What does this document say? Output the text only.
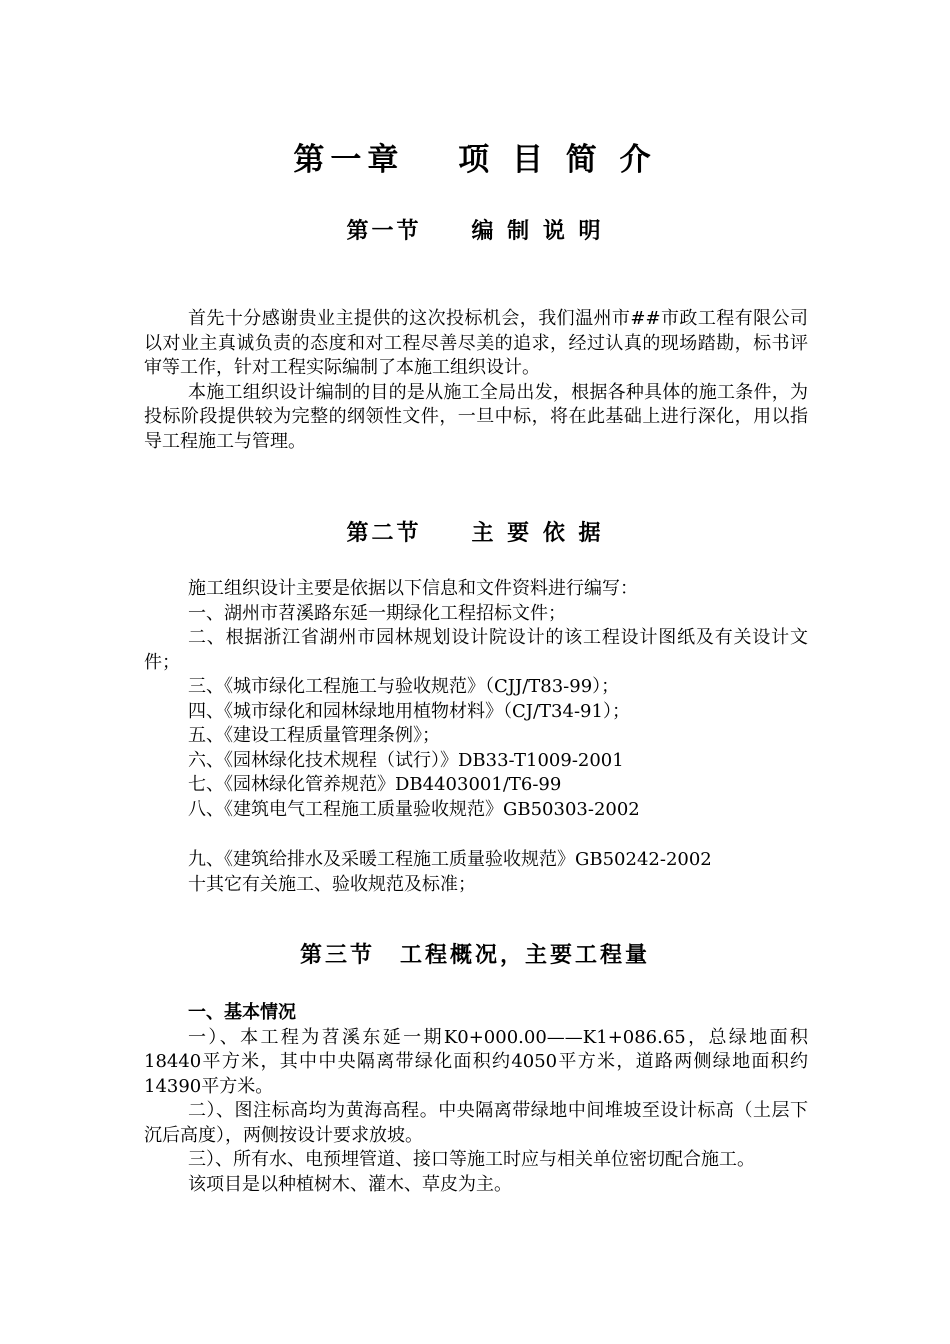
第一章　 项 目 简 介
第一节　　编 制 说 明

首先十分感谢贵业主提供的这次投标机会，我们温州市##市政工程有限公司以对业主真诚负责的态度和对工程尽善尽美的追求，经过认真的现场踏勘，标书评审等工作，针对工程实际编制了本施工组织设计。

本施工组织设计编制的目的是从施工全局出发，根据各种具体的施工条件，为投标阶段提供较为完整的纲领性文件，一旦中标，将在此基础上进行深化，用以指导工程施工与管理。

第二节　　主 要 依 据

施工组织设计主要是依据以下信息和文件资料进行编写：

一、湖州市苕溪路东延一期绿化工程招标文件；

二、根据浙江省湖州市园林规划设计院设计的该工程设计图纸及有关设计文件；

三、《城市绿化工程施工与验收规范》（CJJ/T83-99）；

四、《城市绿化和园林绿地用植物材料》（CJ/T34-91）；

五、《建设工程质量管理条例》；

六、《园林绿化技术规程（试行）》DB33-T1009-2001

七、《园林绿化管养规范》DB4403001/T6-99

八、《建筑电气工程施工质量验收规范》GB50303-2002

九、《建筑给排水及采暖工程施工质量验收规范》GB50242-2002

十其它有关施工、验收规范及标准；

第三节　工程概况，主要工程量

一、基本情况

一）、本工程为苕溪东延一期K0+000.00——K1+086.65，总绿地面积18440平方米，其中中央隔离带绿化面积约4050平方米，道路两侧绿地面积约14390平方米。

二）、图注标高均为黄海高程。中央隔离带绿地中间堆坡至设计标高（土层下沉后高度），两侧按设计要求放坡。

三）、所有水、电预埋管道、接口等施工时应与相关单位密切配合施工。

该项目是以种植树木、灌木、草皮为主。
